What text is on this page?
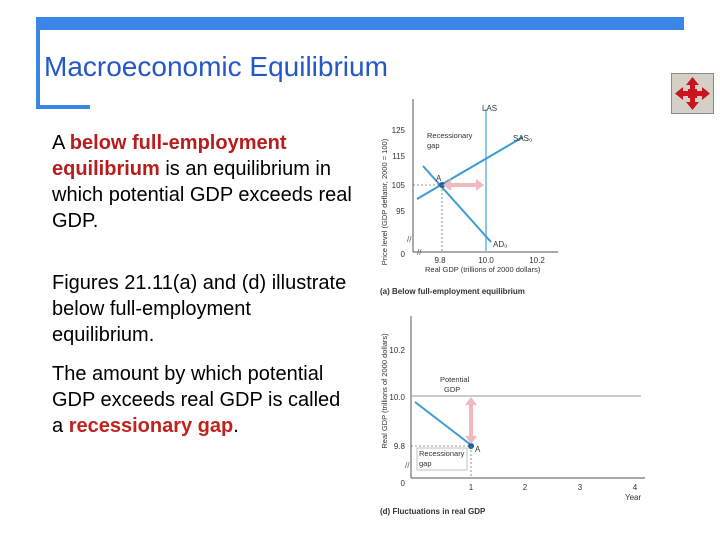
Macroeconomic Equilibrium
A below full-employment equilibrium is an equilibrium in which potential GDP exceeds real GDP.
Figures 21.11(a) and (d) illustrate below full-employment equilibrium.
The amount by which potential GDP exceeds real GDP is called a recessionary gap.
Price level (GDP deflator, 2000 = 100)
125
115
105
95
0
//
//
LAS
SAS₀
AD₀
A
Recessionary
gap
9.8	10.0	10.2
Real GDP (trillions of 2000 dollars)
(a) Below full-employment equilibrium
Real GDP (trillions of 2000 dollars) 10.2
10.0
9.8
0
//
A
Potential
GDP
Recessionary
gap
1	2	3	4
Year
(d) Fluctuations in real GDP
